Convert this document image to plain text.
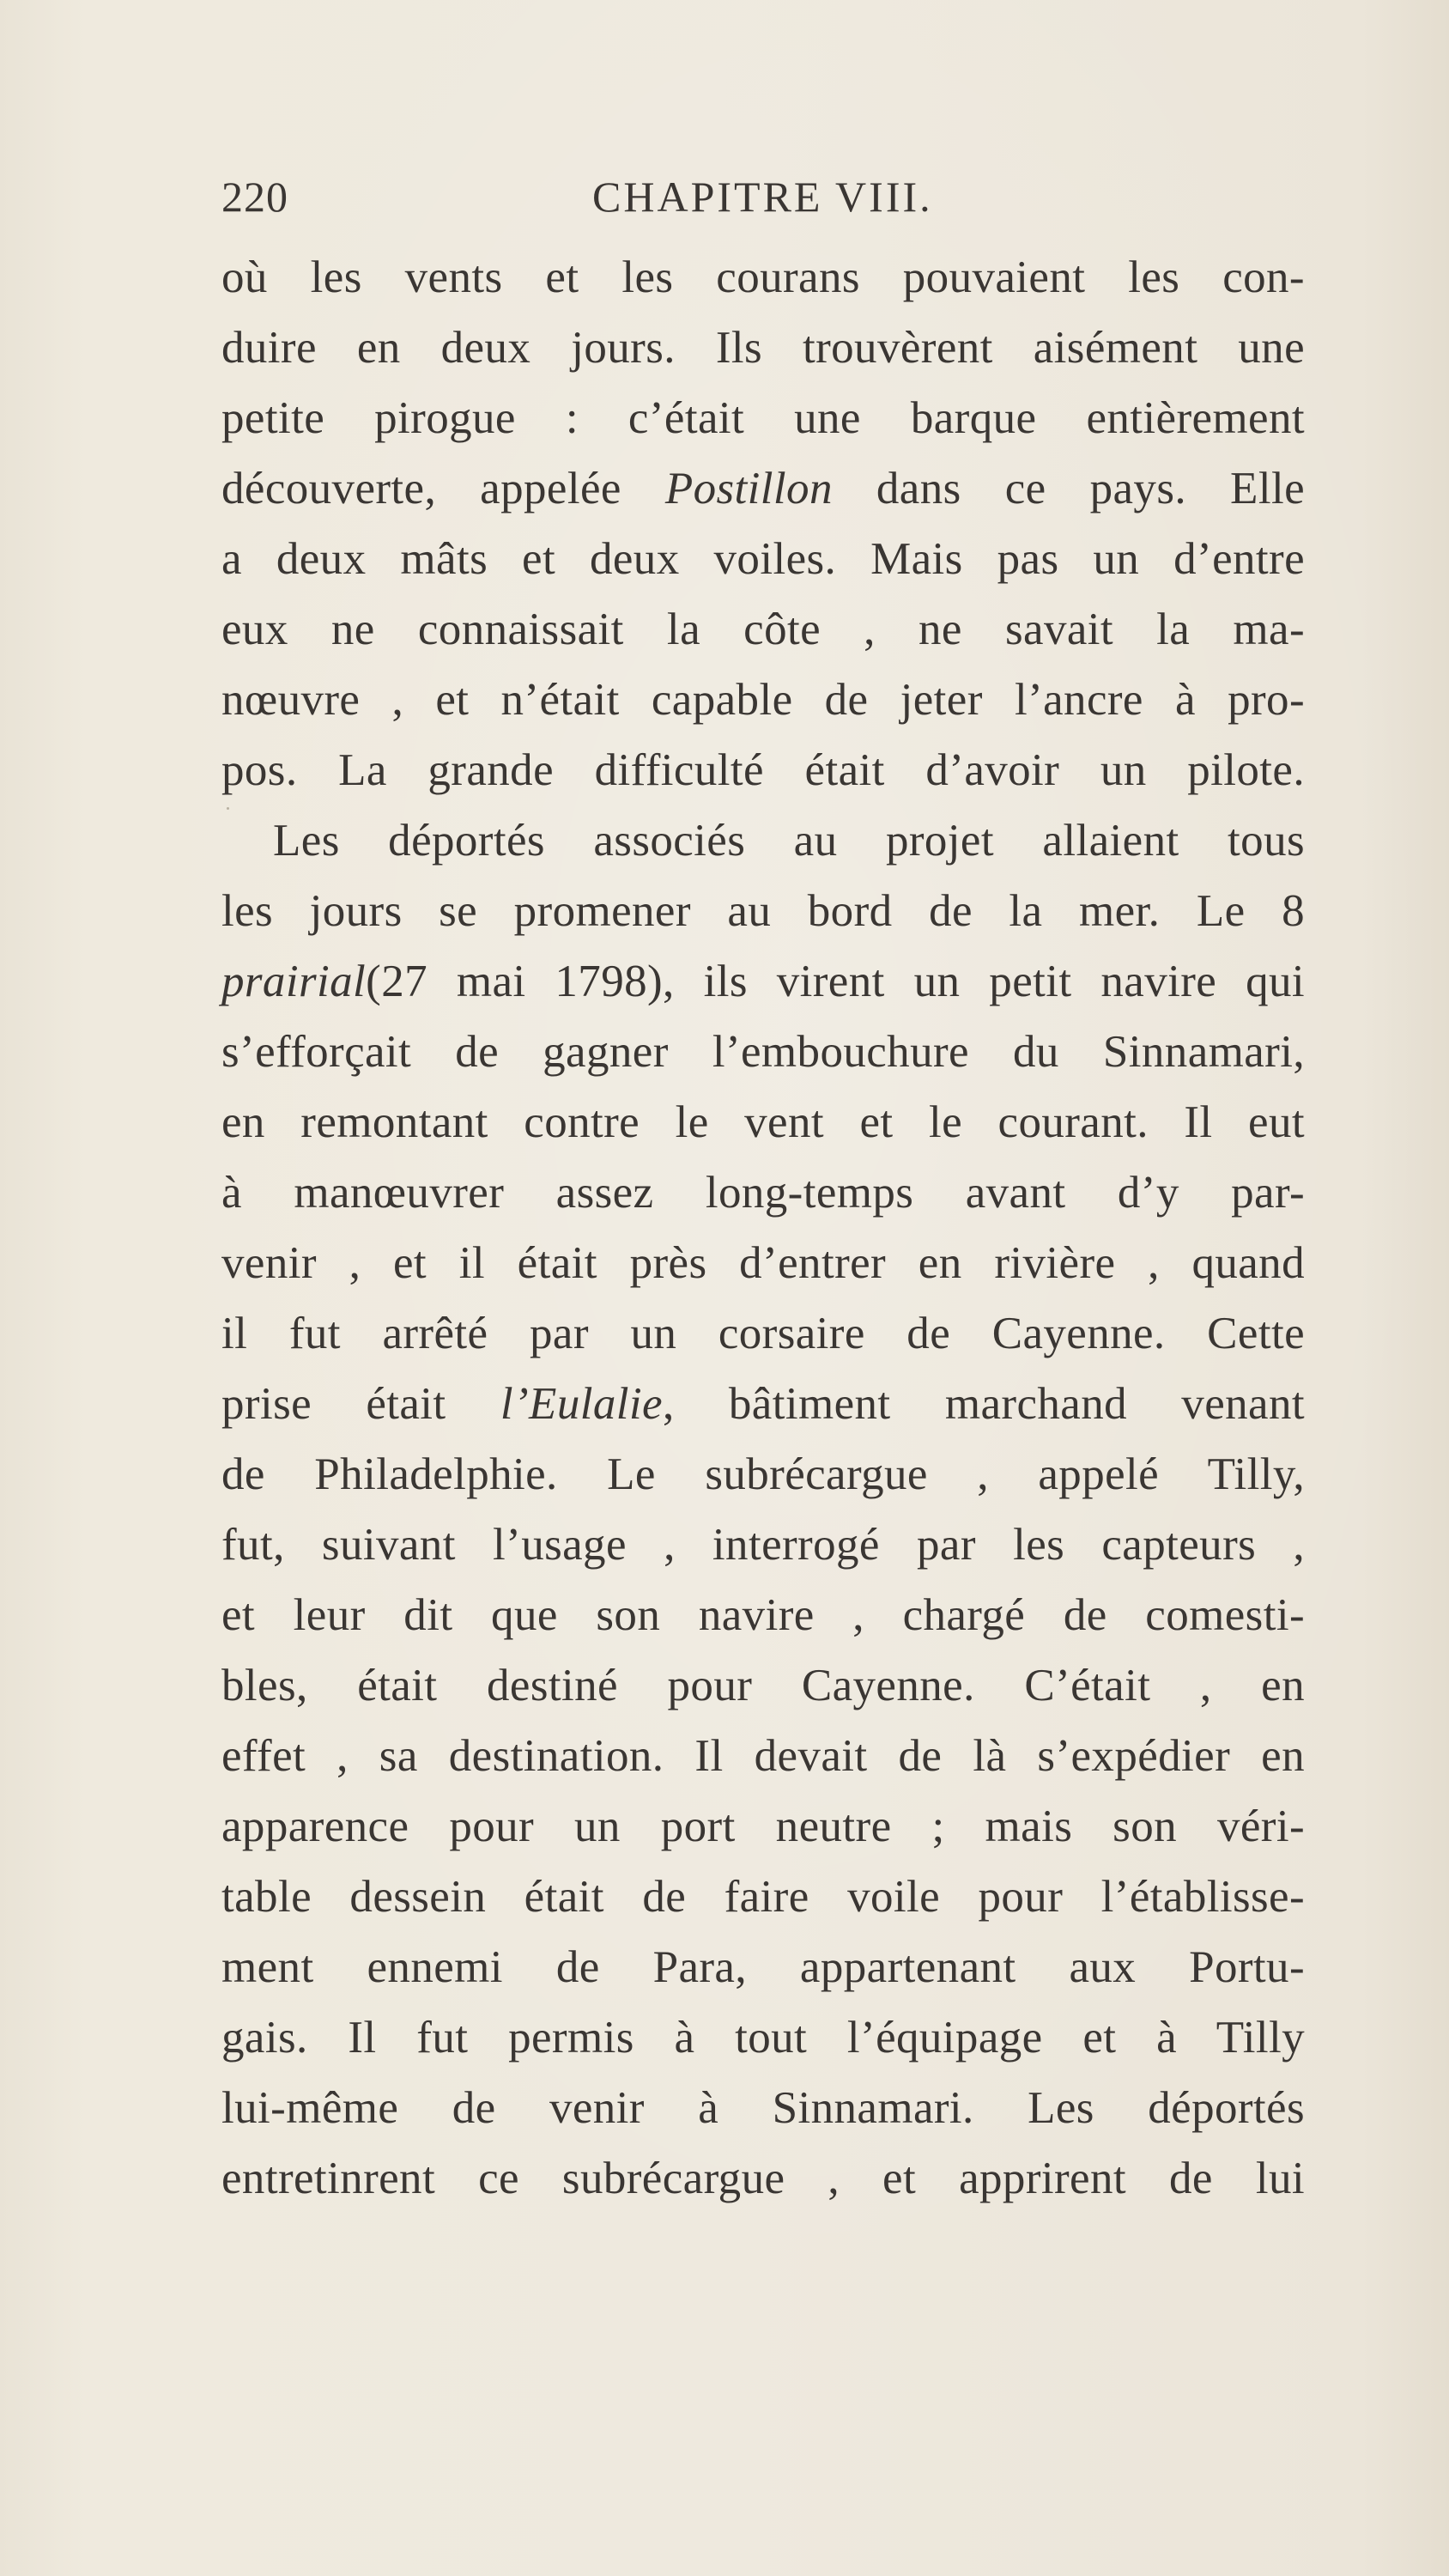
220	CHAPITRE VIII.
où les vents et les courans pouvaient les con-
duire en deux jours. Ils trouvèrent aisément une
petite pirogue : c’était une barque entièrement
découverte, appelée Postillon dans ce pays. Elle
a deux mâts et deux voiles. Mais pas un d’entre
eux ne connaissait la côte , ne savait la ma-
nœuvre , et n’était capable de jeter l’ancre à pro-
pos. La grande difficulté était d’avoir un pilote.
Les déportés associés au projet allaient tous
les jours se promener au bord de la mer. Le 8
prairial(27 mai 1798), ils virent un petit navire qui
s’efforçait de gagner l’embouchure du Sinnamari,
en remontant contre le vent et le courant. Il eut
à manœuvrer assez long-temps avant d’y par-
venir , et il était près d’entrer en rivière , quand
il fut arrêté par un corsaire de Cayenne. Cette
prise était l’Eulalie, bâtiment marchand venant
de Philadelphie. Le subrécargue , appelé Tilly,
fut, suivant l’usage , interrogé par les capteurs ,
et leur dit que son navire , chargé de comesti-
bles, était destiné pour Cayenne. C’était , en
effet , sa destination. Il devait de là s’expédier en
apparence pour un port neutre ; mais son véri-
table dessein était de faire voile pour l’établisse-
ment ennemi de Para, appartenant aux Portu-
gais. Il fut permis à tout l’équipage et à Tilly
lui-même de venir à Sinnamari. Les déportés
entretinrent ce subrécargue , et apprirent de lui
